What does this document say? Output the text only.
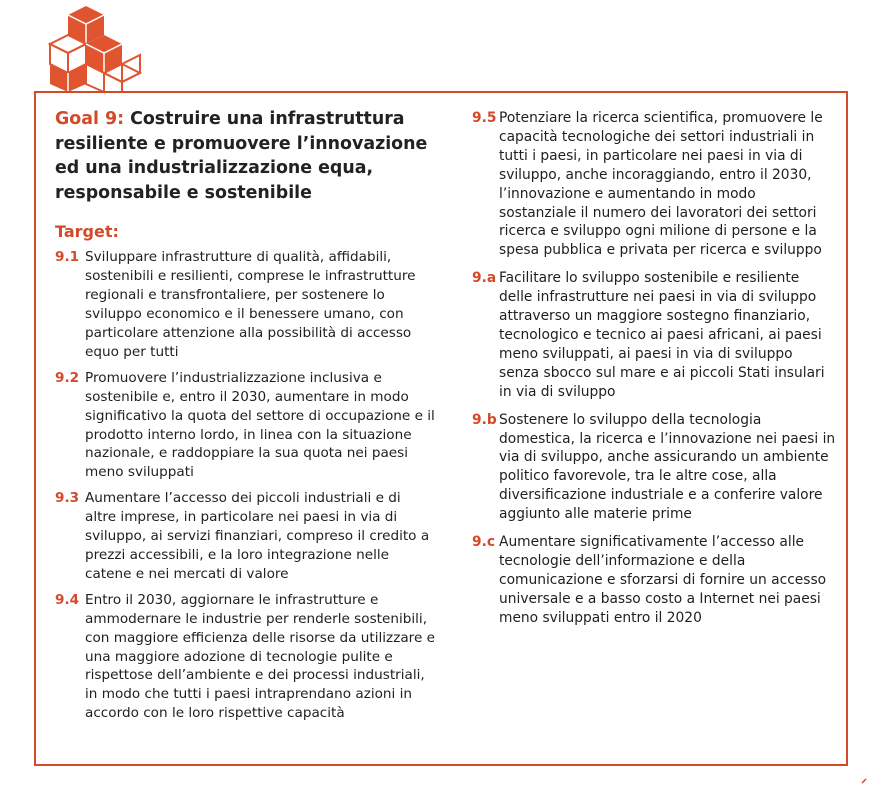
Goal 9: Costruire una infrastruttura resiliente e promuovere l’innovazione ed una industrializzazione equa, responsabile e sostenibile
Target:
9.1 Sviluppare infrastrutture di qualità, affidabili, sostenibili e resilienti, comprese le infrastrutture regionali e transfrontaliere, per sostenere lo sviluppo economico e il benessere umano, con particolare attenzione alla possibilità di accesso equo per tutti
9.2 Promuovere l’industrializzazione inclusiva e sostenibile e, entro il 2030, aumentare in modo significativo la quota del settore di occupazione e il prodotto interno lordo, in linea con la situazione nazionale, e raddoppiare la sua quota nei paesi meno sviluppati
9.3 Aumentare l’accesso dei piccoli industriali e di altre imprese, in particolare nei paesi in via di sviluppo, ai servizi finanziari, compreso il credito a prezzi accessibili, e la loro integrazione nelle catene e nei mercati di valore
9.4 Entro il 2030, aggiornare le infrastrutture e ammodernare le industrie per renderle sostenibili, con maggiore efficienza delle risorse da utilizzare e una maggiore adozione di tecnologie pulite e rispettose dell’ambiente e dei processi industriali, in modo che tutti i paesi intraprendano azioni in accordo con le loro rispettive capacità
9.5 Potenziare la ricerca scientifica, promuovere le capacità tecnologiche dei settori industriali in tutti i paesi, in particolare nei paesi in via di sviluppo, anche incoraggiando, entro il 2030, l’innovazione e aumentando in modo sostanziale il numero dei lavoratori dei settori ricerca e sviluppo ogni milione di persone e la spesa pubblica e privata per ricerca e sviluppo
9.a Facilitare lo sviluppo sostenibile e resiliente delle infrastrutture nei paesi in via di sviluppo attraverso un maggiore sostegno finanziario, tecnologico e tecnico ai paesi africani, ai paesi meno sviluppati, ai paesi in via di sviluppo senza sbocco sul mare e ai piccoli Stati insulari in via di sviluppo
9.b Sostenere lo sviluppo della tecnologia domestica, la ricerca e l’innovazione nei paesi in via di sviluppo, anche assicurando un ambiente politico favorevole, tra le altre cose, alla diversificazione industriale e a conferire valore aggiunto alle materie prime
9.c Aumentare significativamente l’accesso alle tecnologie dell’informazione e della comunicazione e sforzarsi di fornire un accesso universale e a basso costo a Internet nei paesi meno sviluppati entro il 2020
